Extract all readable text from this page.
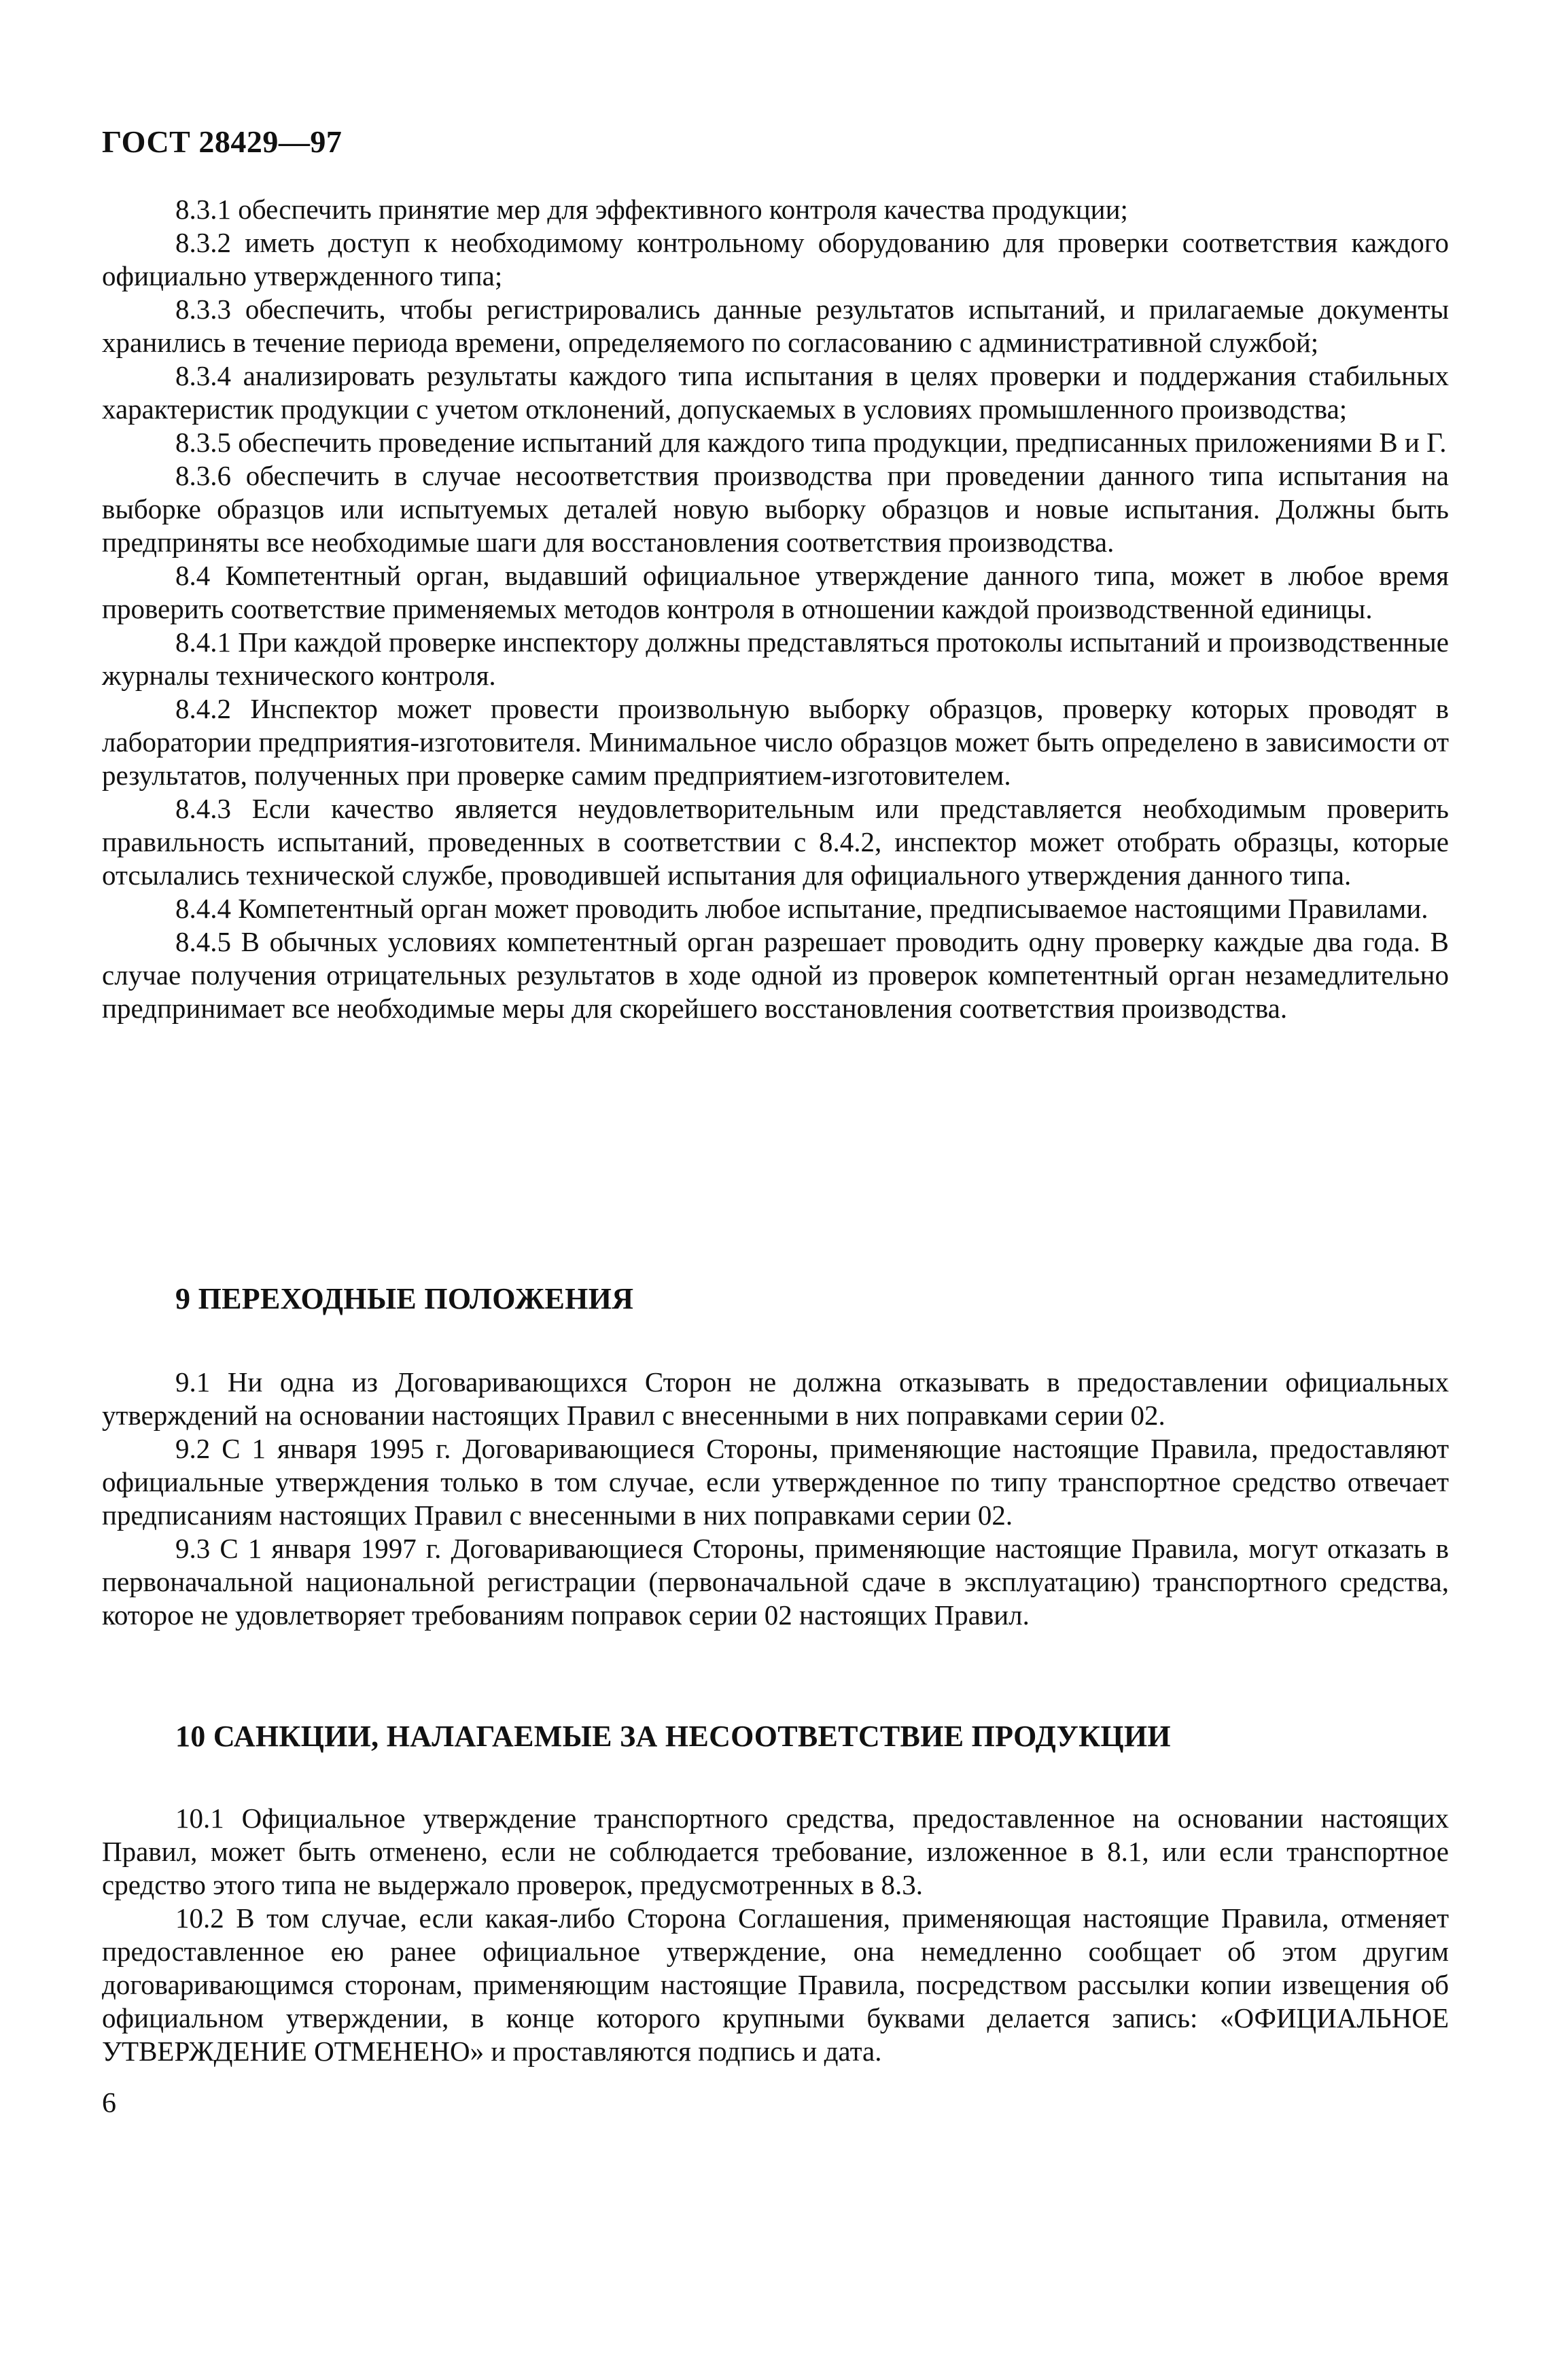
ГОСТ 28429—97

8.3.1 обеспечить принятие мер для эффективного контроля качества продукции;

8.3.2 иметь доступ к необходимому контрольному оборудованию для проверки соответствия каждого официально утвержденного типа;

8.3.3 обеспечить, чтобы регистрировались данные результатов испытаний, и прилагаемые документы хранились в течение периода времени, определяемого по согласованию с административной службой;

8.3.4 анализировать результаты каждого типа испытания в целях проверки и поддержания стабильных характеристик продукции с учетом отклонений, допускаемых в условиях промышленного производства;

8.3.5 обеспечить проведение испытаний для каждого типа продукции, предписанных приложениями В и Г.

8.3.6 обеспечить в случае несоответствия производства при проведении данного типа испытания на выборке образцов или испытуемых деталей новую выборку образцов и новые испытания. Должны быть предприняты все необходимые шаги для восстановления соответствия производства.

8.4 Компетентный орган, выдавший официальное утверждение данного типа, может в любое время проверить соответствие применяемых методов контроля в отношении каждой производственной единицы.

8.4.1 При каждой проверке инспектору должны представляться протоколы испытаний и производственные журналы технического контроля.

8.4.2 Инспектор может провести произвольную выборку образцов, проверку которых проводят в лаборатории предприятия-изготовителя. Минимальное число образцов может быть определено в зависимости от результатов, полученных при проверке самим предприятием-изготовителем.

8.4.3 Если качество является неудовлетворительным или представляется необходимым проверить правильность испытаний, проведенных в соответствии с 8.4.2, инспектор может отобрать образцы, которые отсылались технической службе, проводившей испытания для официального утверждения данного типа.

8.4.4 Компетентный орган может проводить любое испытание, предписываемое настоящими Правилами.

8.4.5 В обычных условиях компетентный орган разрешает проводить одну проверку каждые два года. В случае получения отрицательных результатов в ходе одной из проверок компетентный орган незамедлительно предпринимает все необходимые меры для скорейшего восстановления соответствия производства.

9 ПЕРЕХОДНЫЕ ПОЛОЖЕНИЯ

9.1 Ни одна из Договаривающихся Сторон не должна отказывать в предоставлении официальных утверждений на основании настоящих Правил с внесенными в них поправками серии 02.

9.2 С 1 января 1995 г. Договаривающиеся Стороны, применяющие настоящие Правила, предоставляют официальные утверждения только в том случае, если утвержденное по типу транспортное средство отвечает предписаниям настоящих Правил с внесенными в них поправками серии 02.

9.3 С 1 января 1997 г. Договаривающиеся Стороны, применяющие настоящие Правила, могут отказать в первоначальной национальной регистрации (первоначальной сдаче в эксплуатацию) транспортного средства, которое не удовлетворяет требованиям поправок серии 02 настоящих Правил.

10 САНКЦИИ, НАЛАГАЕМЫЕ ЗА НЕСООТВЕТСТВИЕ ПРОДУКЦИИ

10.1 Официальное утверждение транспортного средства, предоставленное на основании настоящих Правил, может быть отменено, если не соблюдается требование, изложенное в 8.1, или если транспортное средство этого типа не выдержало проверок, предусмотренных в 8.3.

10.2 В том случае, если какая-либо Сторона Соглашения, применяющая настоящие Правила, отменяет предоставленное ею ранее официальное утверждение, она немедленно сообщает об этом другим договаривающимся сторонам, применяющим настоящие Правила, посредством рассылки копии извещения об официальном утверждении, в конце которого крупными буквами делается запись: «ОФИЦИАЛЬНОЕ УТВЕРЖДЕНИЕ ОТМЕНЕНО» и проставляются подпись и дата.

6
